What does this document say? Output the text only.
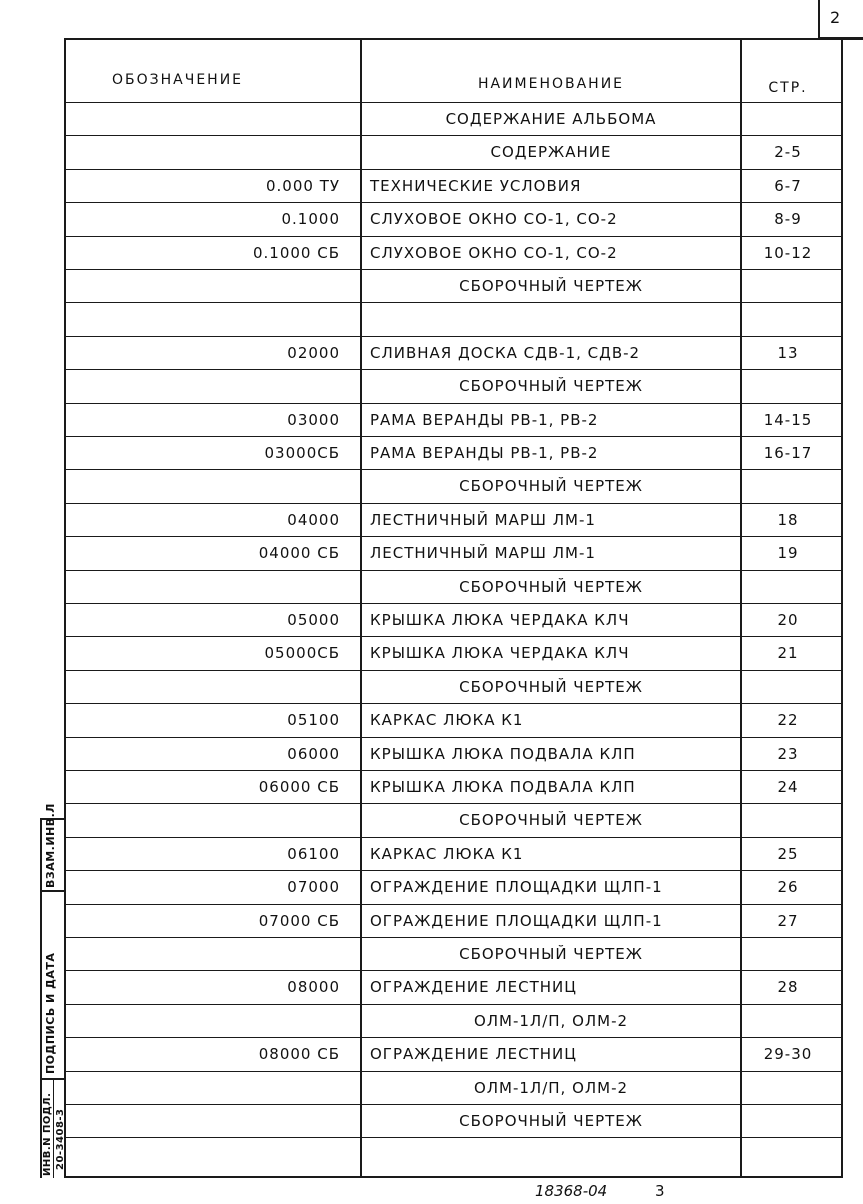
2
ВЗАМ.ИНВ.Л
ПОДПИСЬ И ДАТА
ИНВ.N ПОДЛ. 20-3408-3
ОБОЗНАЧЕНИЕ	НАИМЕНОВАНИЕ	СТР.
СОДЕРЖАНИЕ АЛЬБОМА
СОДЕРЖАНИЕ	2-5
0.000 ТУ ТЕХНИЧЕСКИЕ УСЛОВИЯ	6-7
0.1000 СЛУХОВОЕ ОКНО СО-1, СО-2	8-9
0.1000 СБ СЛУХОВОЕ ОКНО СО-1, СО-2	10-12
СБОРОЧНЫЙ ЧЕРТЕЖ
02000 СЛИВНАЯ ДОСКА СДВ-1, СДВ-2	13
СБОРОЧНЫЙ ЧЕРТЕЖ
03000 РАМА ВЕРАНДЫ РВ-1, РВ-2	14-15
03000СБ РАМА ВЕРАНДЫ РВ-1, РВ-2	16-17
СБОРОЧНЫЙ ЧЕРТЕЖ
04000 ЛЕСТНИЧНЫЙ МАРШ ЛМ-1	18
04000 СБ ЛЕСТНИЧНЫЙ МАРШ ЛМ-1	19
СБОРОЧНЫЙ ЧЕРТЕЖ
05000 КРЫШКА ЛЮКА ЧЕРДАКА КЛЧ	20
05000СБ КРЫШКА ЛЮКА ЧЕРДАКА КЛЧ	21
СБОРОЧНЫЙ ЧЕРТЕЖ
05100 КАРКАС ЛЮКА К1	22
06000 КРЫШКА ЛЮКА ПОДВАЛА КЛП	23
06000 СБ КРЫШКА ЛЮКА ПОДВАЛА КЛП	24
СБОРОЧНЫЙ ЧЕРТЕЖ
06100 КАРКАС ЛЮКА К1	25
07000 ОГРАЖДЕНИЕ ПЛОЩАДКИ ЩЛП-1	26
07000 СБ ОГРАЖДЕНИЕ ПЛОЩАДКИ ЩЛП-1	27
СБОРОЧНЫЙ ЧЕРТЕЖ
08000 ОГРАЖДЕНИЕ ЛЕСТНИЦ	28
ОЛМ-1Л/П, ОЛМ-2
08000 СБ ОГРАЖДЕНИЕ ЛЕСТНИЦ	29-30
ОЛМ-1Л/П, ОЛМ-2
СБОРОЧНЫЙ ЧЕРТЕЖ
18368-04	3
